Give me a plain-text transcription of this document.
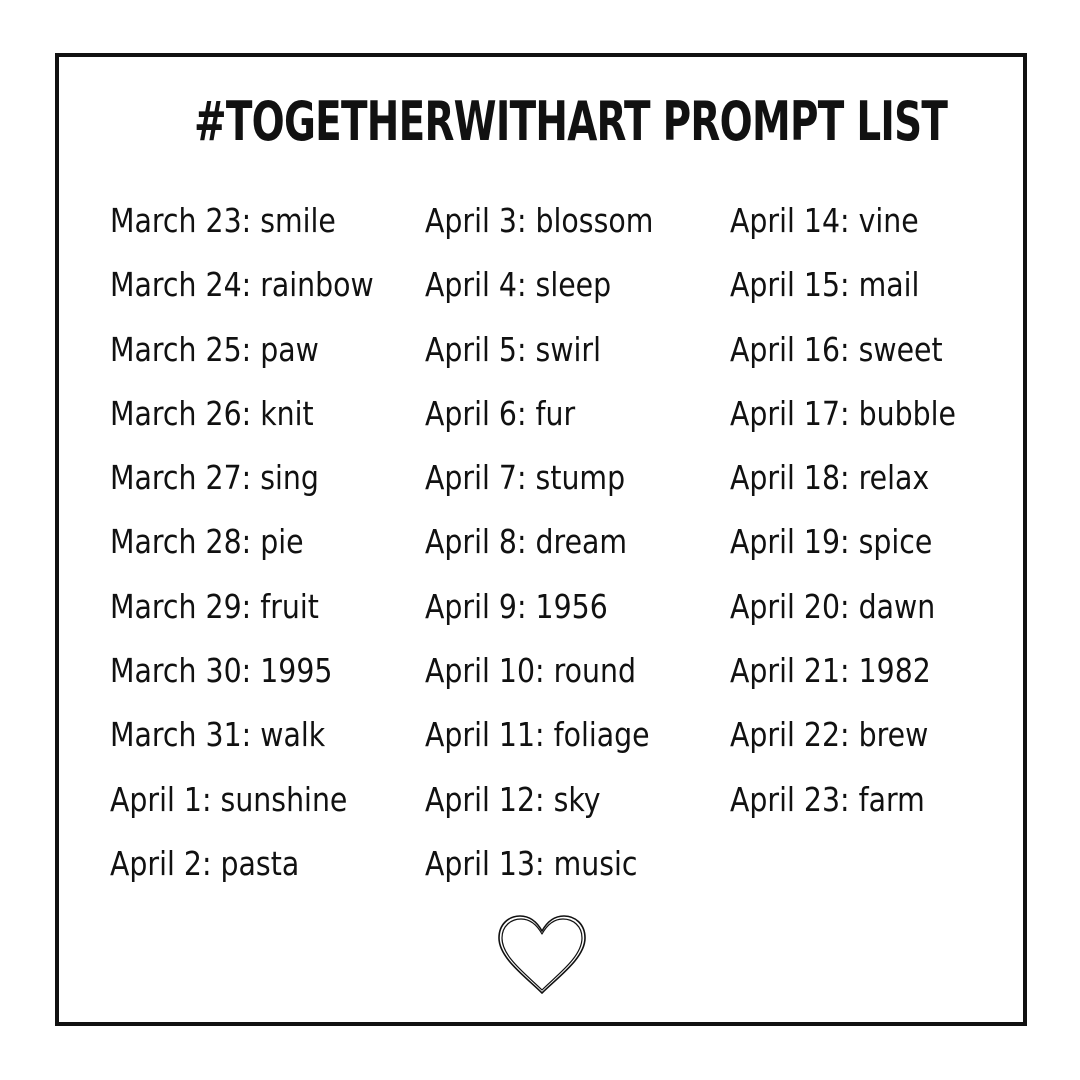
#TOGETHERWITHART PROMPT LIST
March 23: smile
March 24: rainbow
March 25: paw
March 26: knit
March 27: sing
March 28: pie
March 29: fruit
March 30: 1995
March 31: walk
April 1: sunshine
April 2: pasta
April 3: blossom
April 4: sleep
April 5: swirl
April 6: fur
April 7: stump
April 8: dream
April 9: 1956
April 10: round
April 11: foliage
April 12: sky
April 13: music
April 14: vine
April 15: mail
April 16: sweet
April 17: bubble
April 18: relax
April 19: spice
April 20: dawn
April 21: 1982
April 22: brew
April 23: farm
